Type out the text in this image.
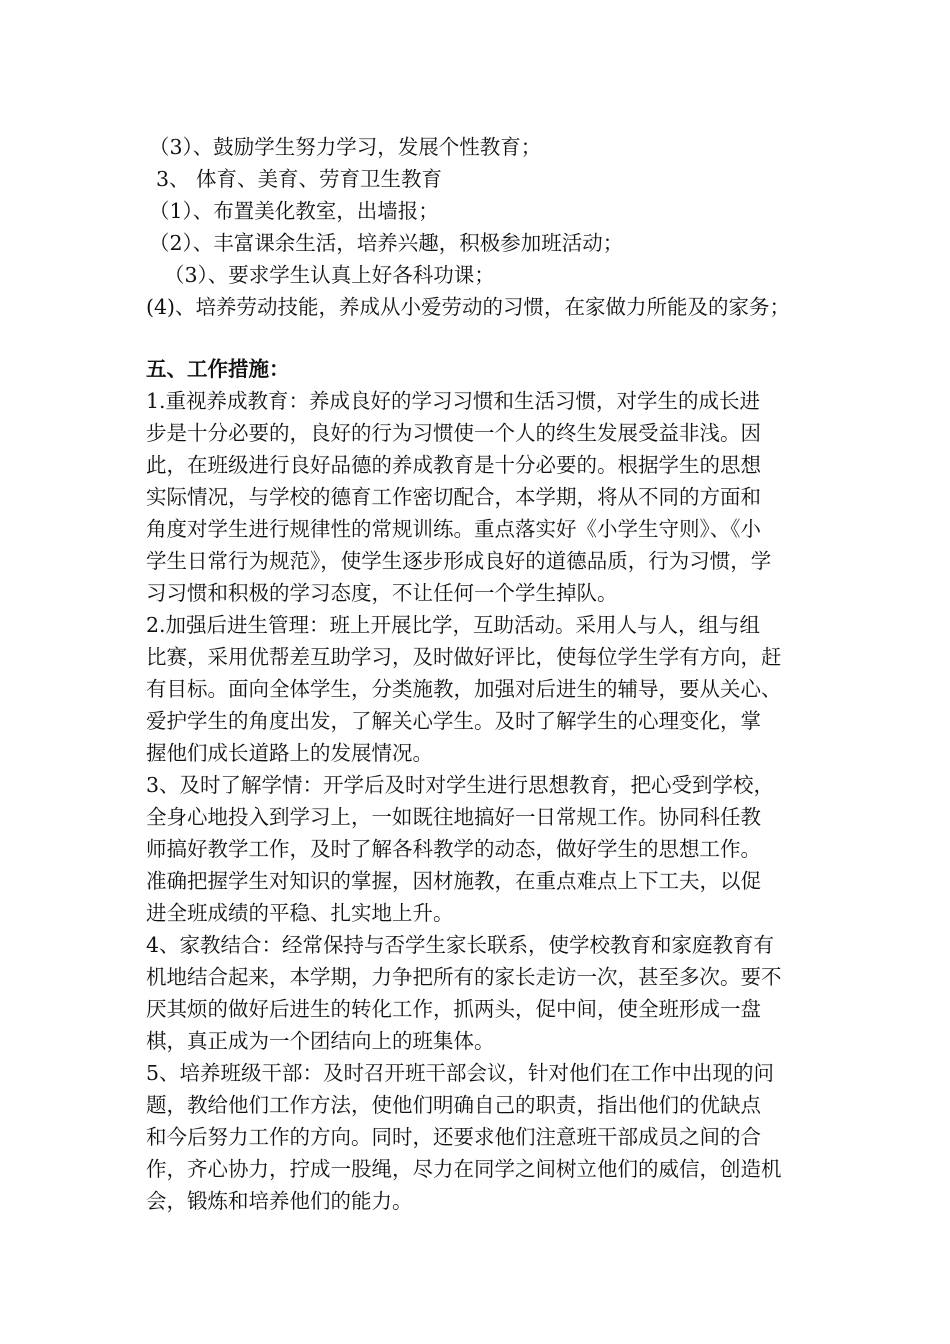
（3）、鼓励学生努力学习，发展个性教育；
3、 体育、美育、劳育卫生教育
（1）、布置美化教室，出墙报；
（2）、丰富课余生活，培养兴趣，积极参加班活动；
（3）、要求学生认真上好各科功课；
(4)、培养劳动技能，养成从小爱劳动的习惯，在家做力所能及的家务；
五、工作措施：
1.重视养成教育：养成良好的学习习惯和生活习惯，对学生的成长进
步是十分必要的，良好的行为习惯使一个人的终生发展受益非浅。因
此，在班级进行良好品德的养成教育是十分必要的。根据学生的思想
实际情况，与学校的德育工作密切配合，本学期，将从不同的方面和
角度对学生进行规律性的常规训练。重点落实好《小学生守则》、《小
学生日常行为规范》，使学生逐步形成良好的道德品质，行为习惯，学
习习惯和积极的学习态度，不让任何一个学生掉队。
2.加强后进生管理：班上开展比学，互助活动。采用人与人，组与组
比赛，采用优帮差互助学习，及时做好评比，使每位学生学有方向，赶
有目标。面向全体学生，分类施教，加强对后进生的辅导，要从关心、
爱护学生的角度出发，了解关心学生。及时了解学生的心理变化，掌
握他们成长道路上的发展情况。
3、及时了解学情：开学后及时对学生进行思想教育，把心受到学校，
全身心地投入到学习上，一如既往地搞好一日常规工作。协同科任教
师搞好教学工作，及时了解各科教学的动态，做好学生的思想工作。
准确把握学生对知识的掌握，因材施教，在重点难点上下工夫，以促
进全班成绩的平稳、扎实地上升。
4、家教结合：经常保持与否学生家长联系，使学校教育和家庭教育有
机地结合起来，本学期，力争把所有的家长走访一次，甚至多次。要不
厌其烦的做好后进生的转化工作，抓两头，促中间，使全班形成一盘
棋，真正成为一个团结向上的班集体。
5、培养班级干部：及时召开班干部会议，针对他们在工作中出现的问
题，教给他们工作方法，使他们明确自己的职责，指出他们的优缺点
和今后努力工作的方向。同时，还要求他们注意班干部成员之间的合
作，齐心协力，拧成一股绳，尽力在同学之间树立他们的威信，创造机
会，锻炼和培养他们的能力。
